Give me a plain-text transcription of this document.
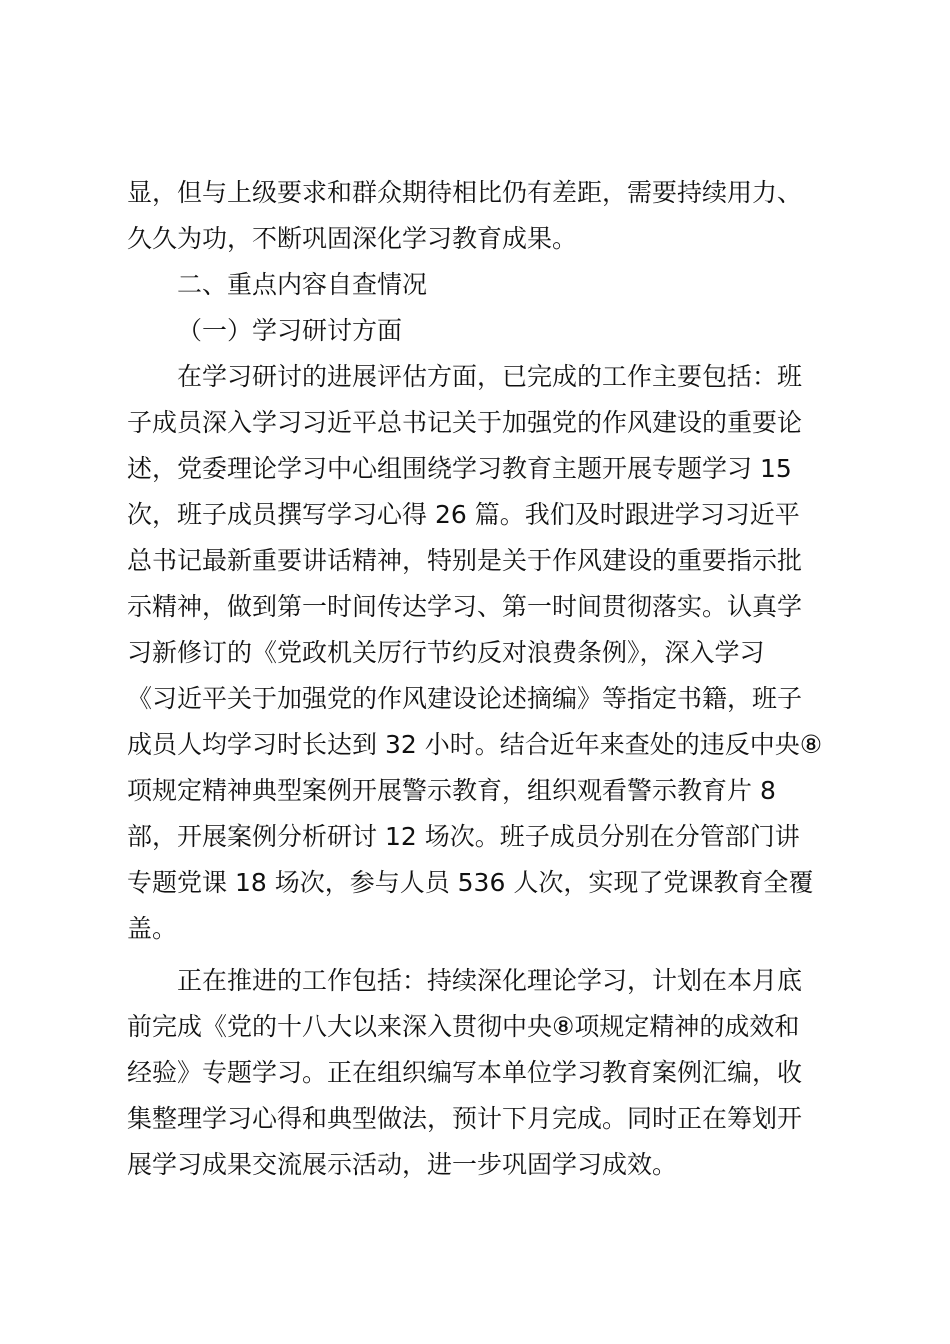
显，但与上级要求和群众期待相比仍有差距，需要持续用力、
久久为功，不断巩固深化学习教育成果。
二、重点内容自查情况
（一）学习研讨方面
在学习研讨的进展评估方面，已完成的工作主要包括：班
子成员深入学习习近平总书记关于加强党的作风建设的重要论
述，党委理论学习中心组围绕学习教育主题开展专题学习 15
次，班子成员撰写学习心得 26 篇。我们及时跟进学习习近平
总书记最新重要讲话精神，特别是关于作风建设的重要指示批
示精神，做到第一时间传达学习、第一时间贯彻落实。认真学
习新修订的《党政机关厉行节约反对浪费条例》，深入学习
《习近平关于加强党的作风建设论述摘编》等指定书籍，班子
成员人均学习时长达到 32 小时。结合近年来查处的违反中央⑧
项规定精神典型案例开展警示教育，组织观看警示教育片 8
部，开展案例分析研讨 12 场次。班子成员分别在分管部门讲
专题党课 18 场次，参与人员 536 人次，实现了党课教育全覆
盖。
正在推进的工作包括：持续深化理论学习，计划在本月底
前完成《党的十八大以来深入贯彻中央⑧项规定精神的成效和
经验》专题学习。正在组织编写本单位学习教育案例汇编，收
集整理学习心得和典型做法，预计下月完成。同时正在筹划开
展学习成果交流展示活动，进一步巩固学习成效。
